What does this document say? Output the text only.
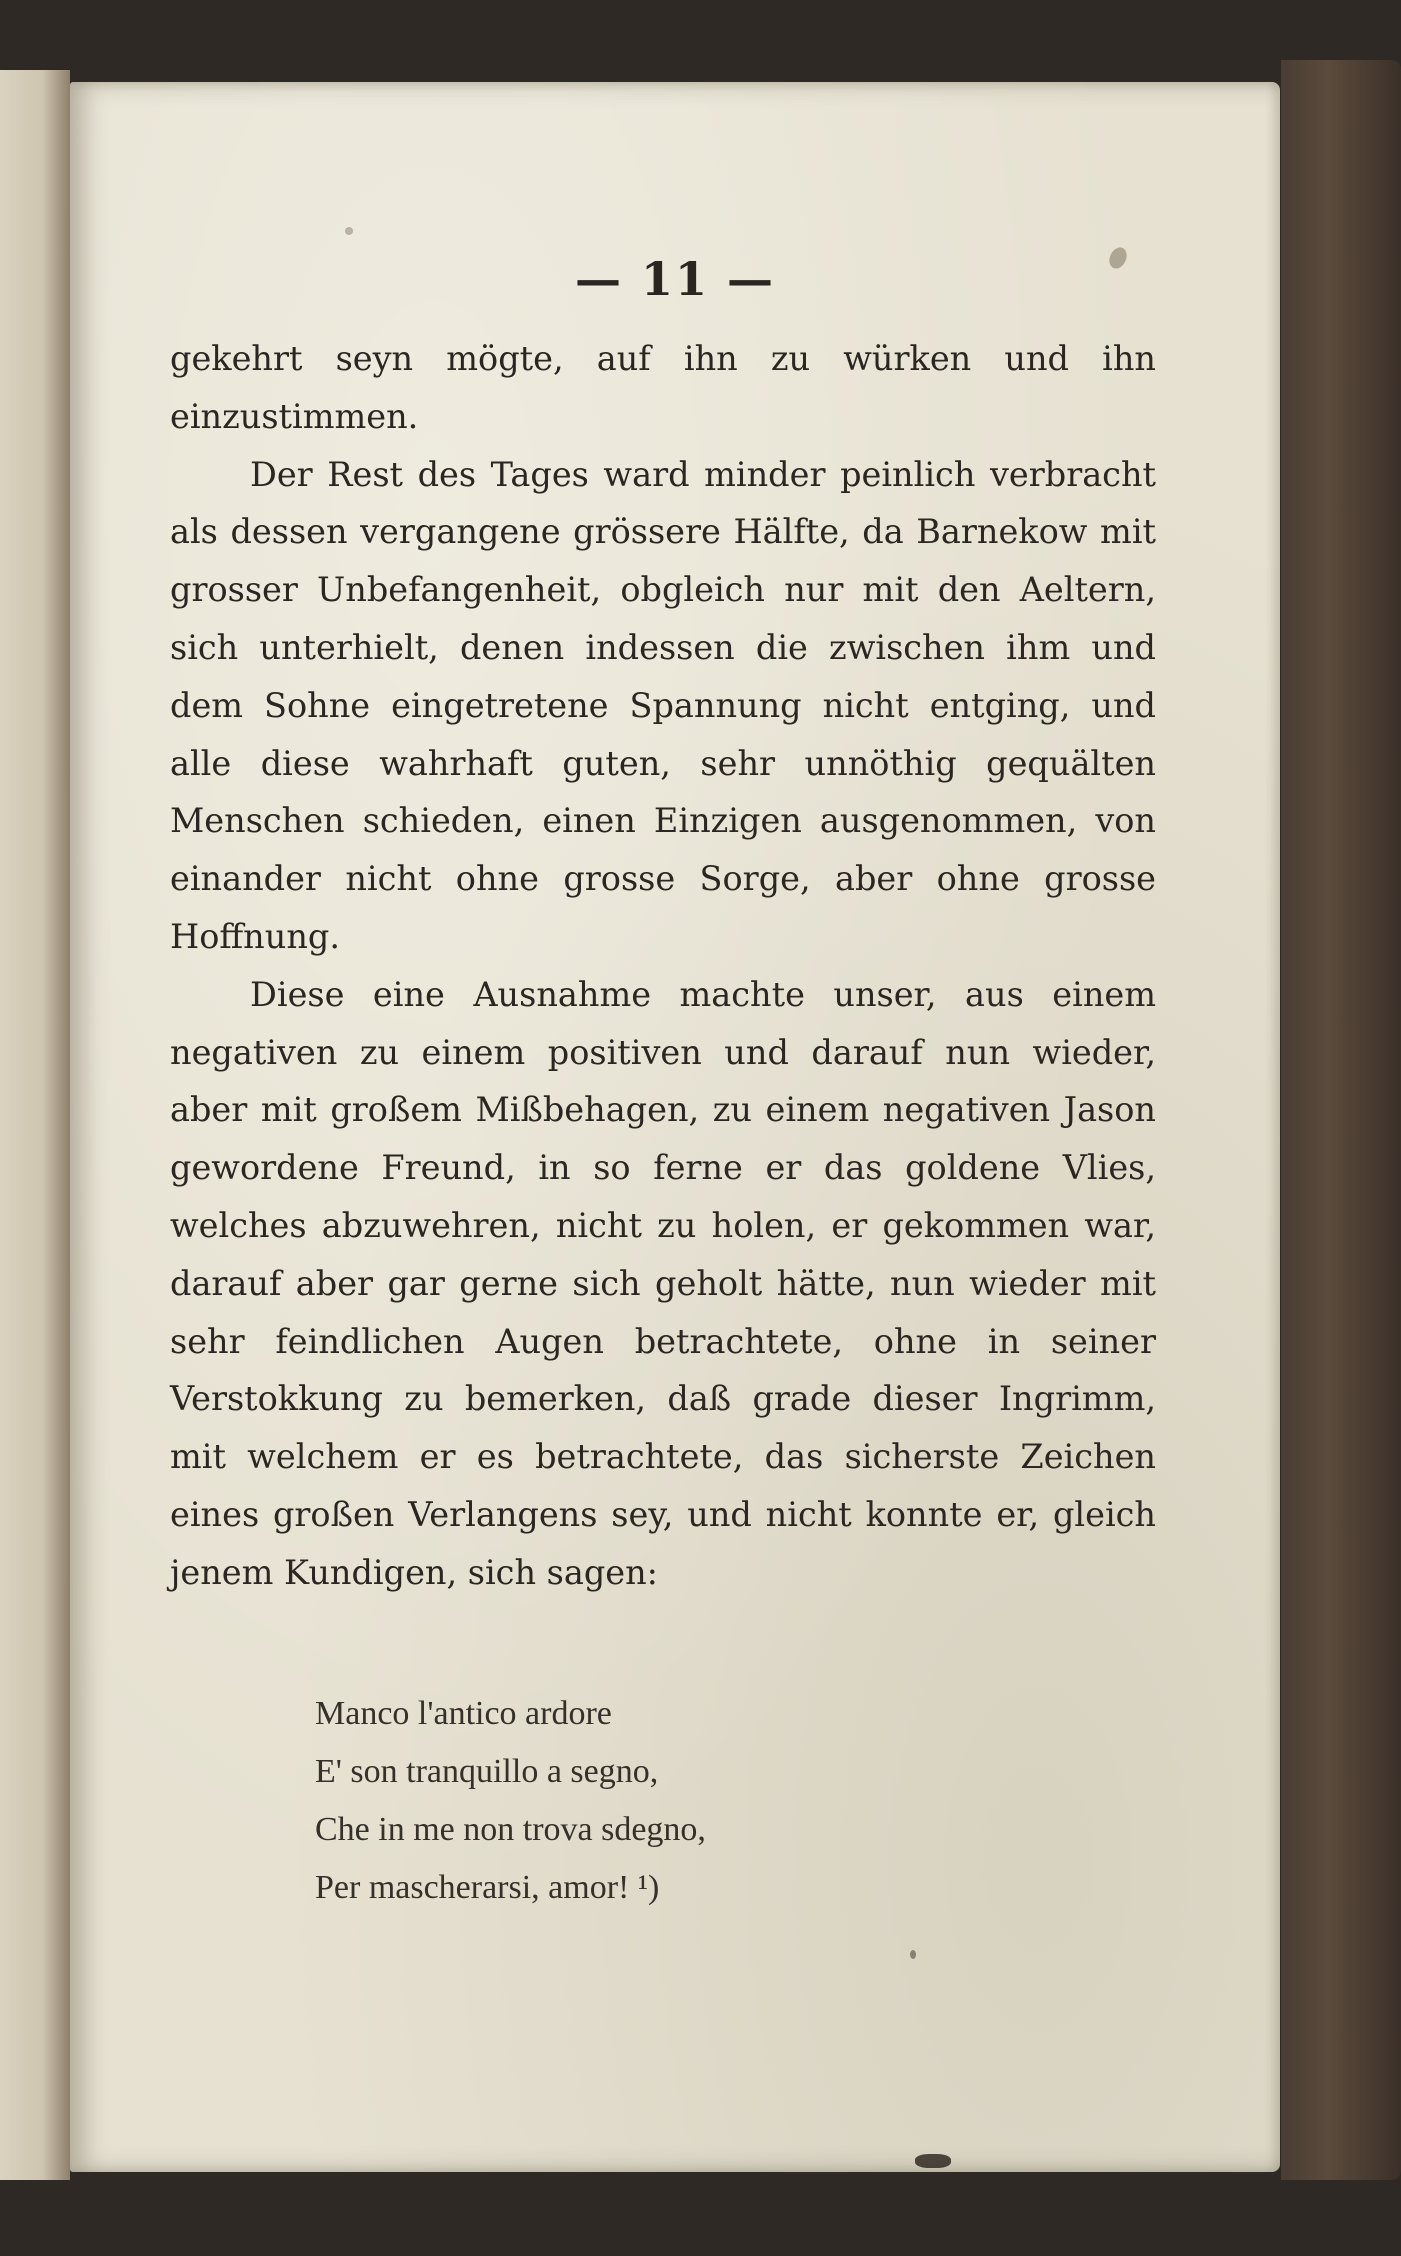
— 11 —

gekehrt seyn mögte, auf ihn zu würken und ihn einzustimmen.

Der Rest des Tages ward minder peinlich verbracht als dessen vergangene grössere Hälfte, da Barnekow mit grosser Unbefangenheit, obgleich nur mit den Aeltern, sich unterhielt, denen indessen die zwischen ihm und dem Sohne eingetretene Spannung nicht entging, und alle diese wahrhaft guten, sehr unnöthig gequälten Menschen schieden, einen Einzigen ausgenommen, von einander nicht ohne grosse Sorge, aber ohne grosse Hoffnung.

Diese eine Ausnahme machte unser, aus einem negativen zu einem positiven und darauf nun wieder, aber mit großem Mißbehagen, zu einem negativen Jason gewordene Freund, in so ferne er das goldene Vlies, welches abzuwehren, nicht zu holen, er gekommen war, darauf aber gar gerne sich geholt hätte, nun wieder mit sehr feindlichen Augen betrachtete, ohne in seiner Verstokkung zu bemerken, daß grade dieser Ingrimm, mit welchem er es betrachtete, das sicherste Zeichen eines großen Verlangens sey, und nicht konnte er, gleich jenem Kundigen, sich sagen:

Manco l'antico ardore
E' son tranquillo a segno,
Che in me non trova sdegno,
Per mascherarsi, amor! ¹)
